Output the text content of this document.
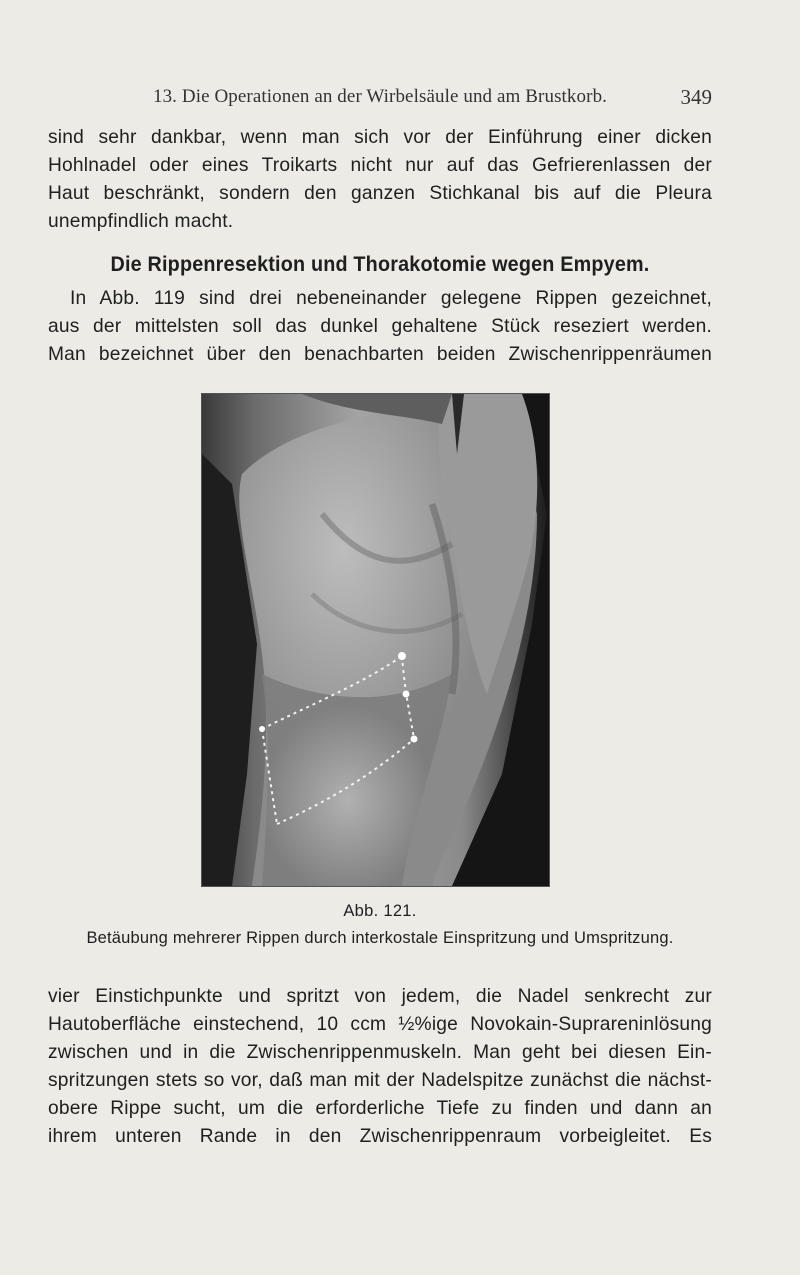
13. Die Operationen an der Wirbelsäule und am Brustkorb.	349
sind sehr dankbar, wenn man sich vor der Einführung einer dicken
Hohlnadel oder eines Troikarts nicht nur auf das Gefrierenlassen der
Haut beschränkt, sondern den ganzen Stichkanal bis auf die Pleura
unempfindlich macht.
Die Rippenresektion und Thorakotomie wegen Empyem.
In Abb. 119 sind drei nebeneinander gelegene Rippen gezeichnet,
aus der mittelsten soll das dunkel gehaltene Stück reseziert werden.
Man bezeichnet über den benachbarten beiden Zwischenrippenräumen
Abb. 121.
Betäubung mehrerer Rippen durch interkostale Einspritzung und Umspritzung.
vier Einstichpunkte und spritzt von jedem, die Nadel senkrecht zur
Hautoberfläche einstechend, 10 ccm ½%ige Novokain-Suprareninlösung
zwischen und in die Zwischenrippenmuskeln. Man geht bei diesen Ein-
spritzungen stets so vor, daß man mit der Nadelspitze zunächst die nächst-
obere Rippe sucht, um die erforderliche Tiefe zu finden und dann an
ihrem unteren Rande in den Zwischenrippenraum vorbeigleitet. Es
